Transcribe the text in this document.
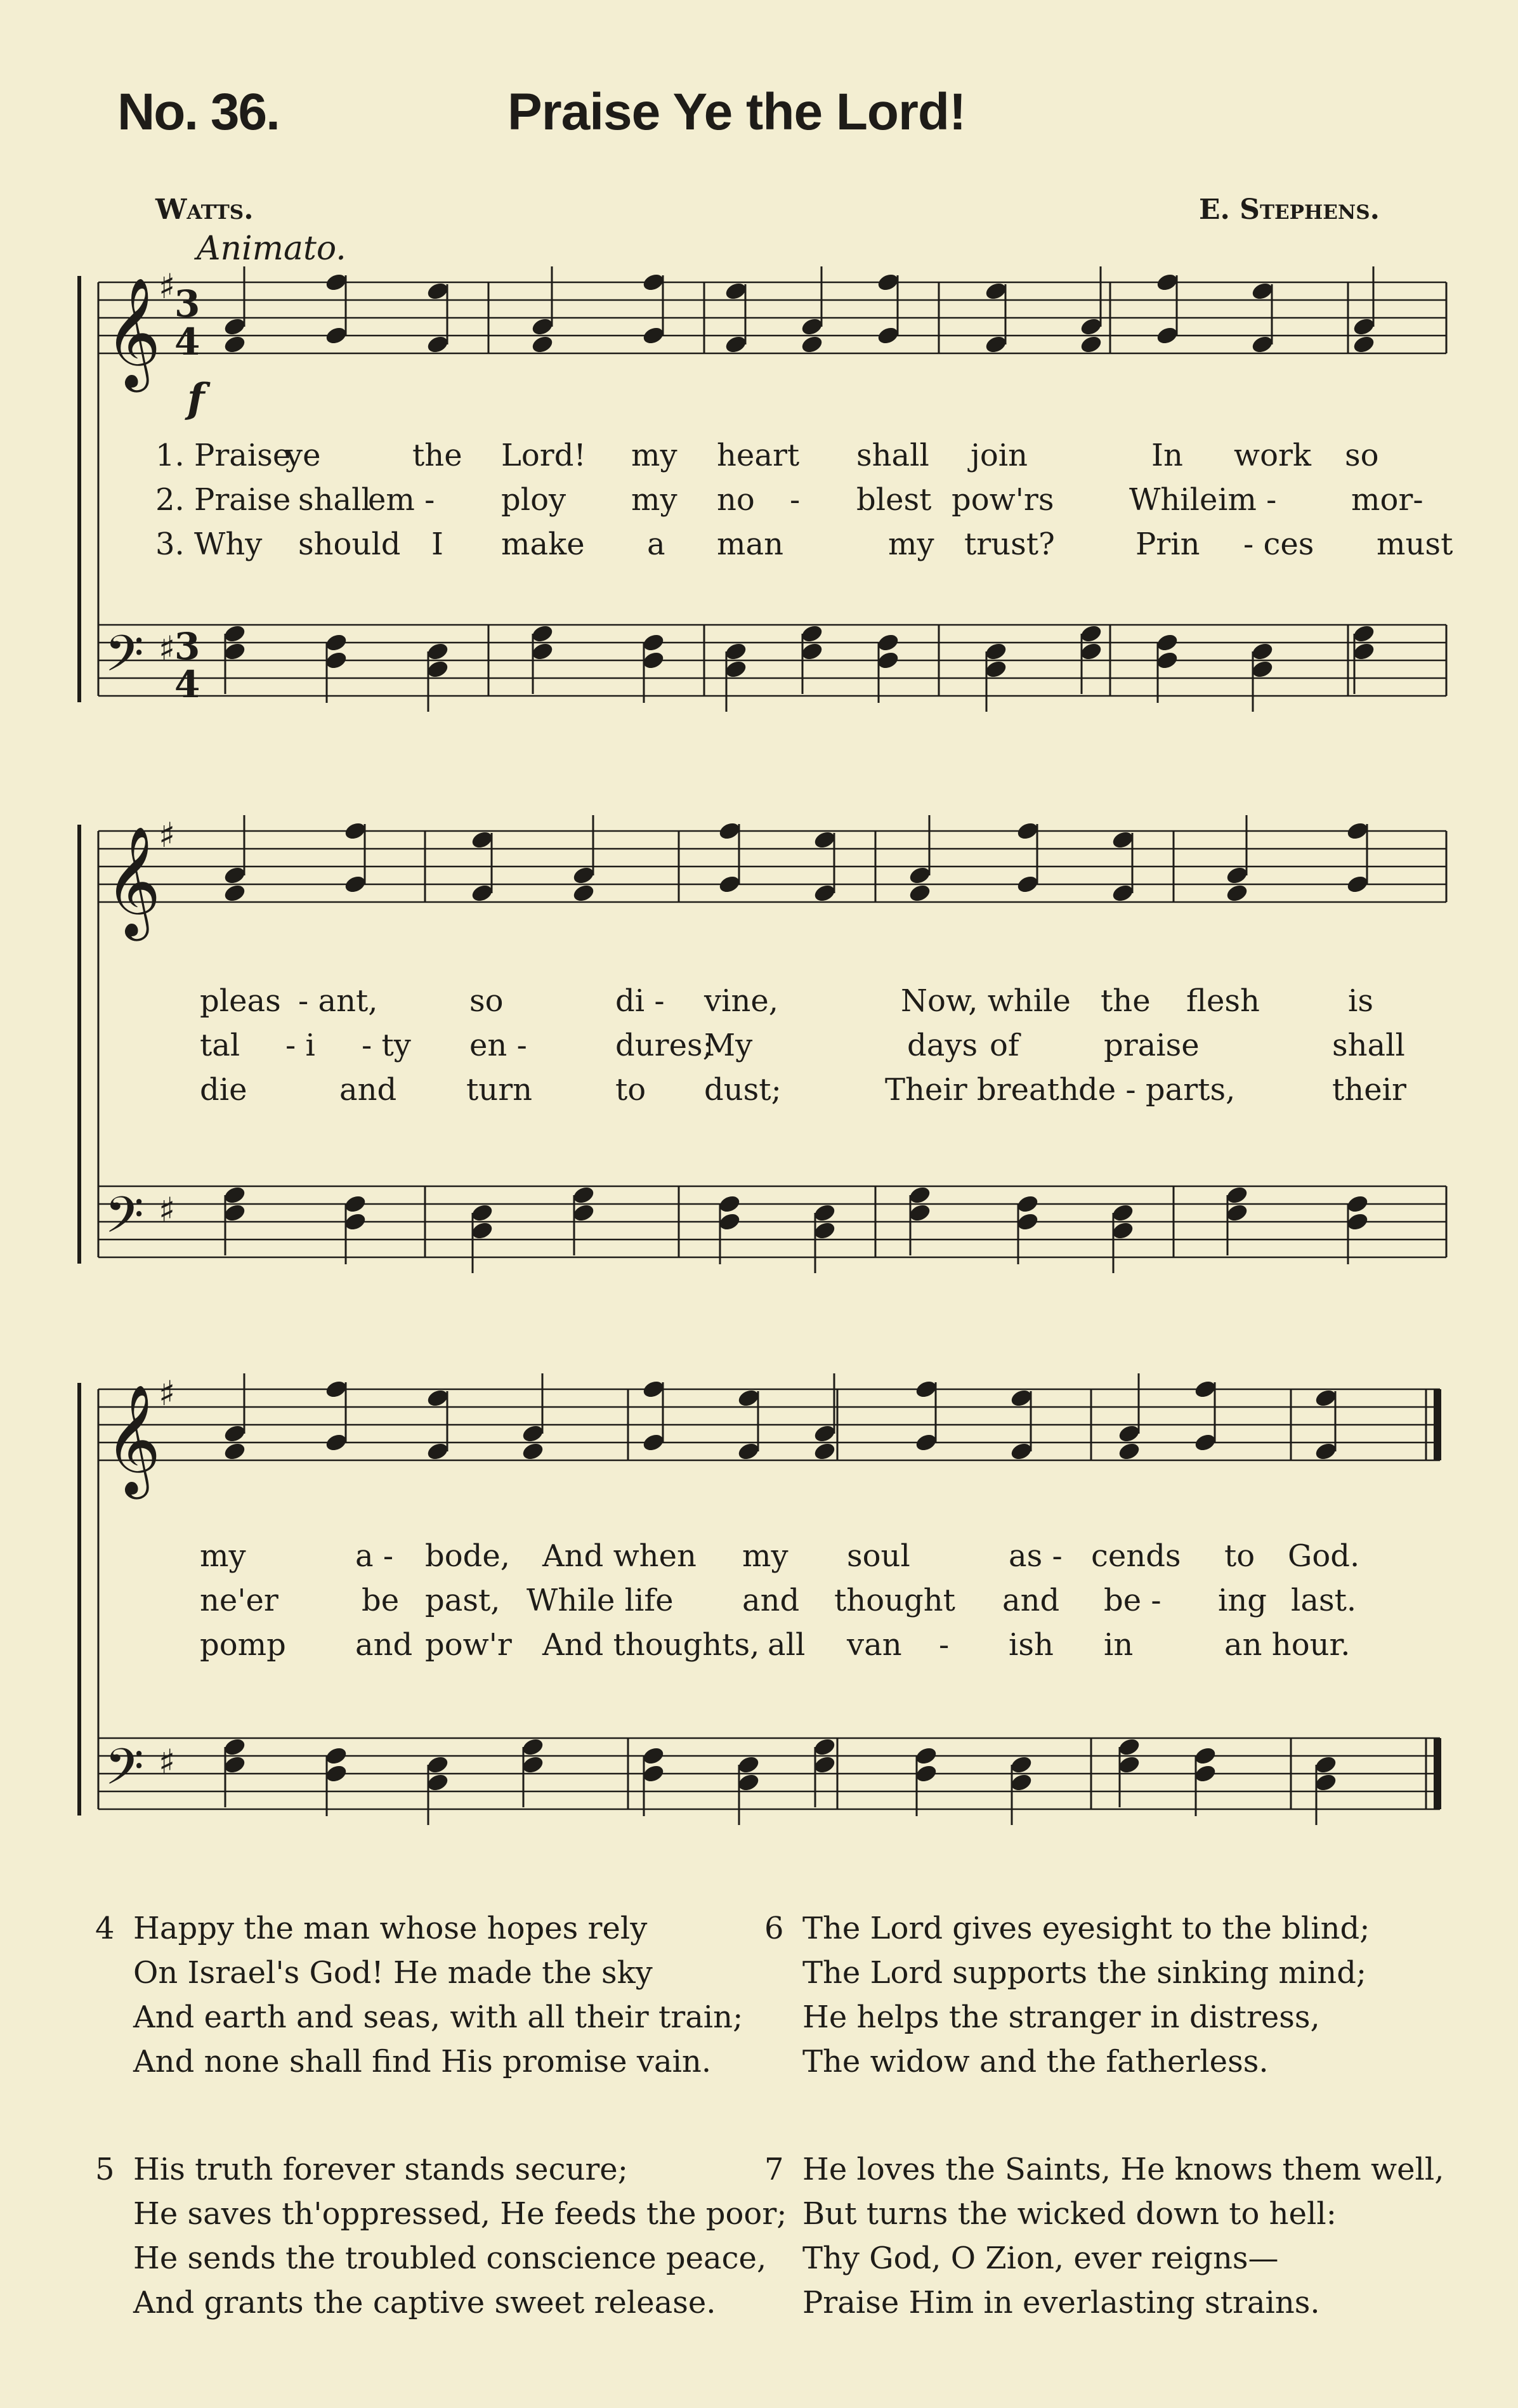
No. 36.	Praise Ye the Lord!
Watts.	E. Stephens.
Animato.
𝄞
♯
𝄢 ♯
𝄞
♯
𝄢 ♯
𝄞
♯
𝄢 ♯
3
4
3
4
f
1. Praise
ye	the Lord! my heart shall join	In work so
2. Praise shall
em - ploy my no - blest pow'rs While im - mor-
3. Why should I make a man	my trust?	Prin - ces must
pleas - ant,	so	di - vine,	Now, while the flesh	is
tal - i - ty en -	dures;
My	days of	praise	shall
die	and turn	to dust;	Their breath de - parts,	their
my	a - bode, And when my soul	as - cends to God.
ne'er	be past, While life and thought and be - ing last.
pomp and pow'r And thoughts, all van - ish in	an hour.
4 Happy the man whose hopes rely
On Israel's God! He made the sky
And earth and seas, with all their train;
And none shall find His promise vain.
6 The Lord gives eyesight to the blind;
The Lord supports the sinking mind;
He helps the stranger in distress,
The widow and the fatherless.
5 His truth forever stands secure;
He saves th'oppressed, He feeds the poor;
He sends the troubled conscience peace,
And grants the captive sweet release.
7 He loves the Saints, He knows them well,
But turns the wicked down to hell:
Thy God, O Zion, ever reigns—
Praise Him in everlasting strains.
